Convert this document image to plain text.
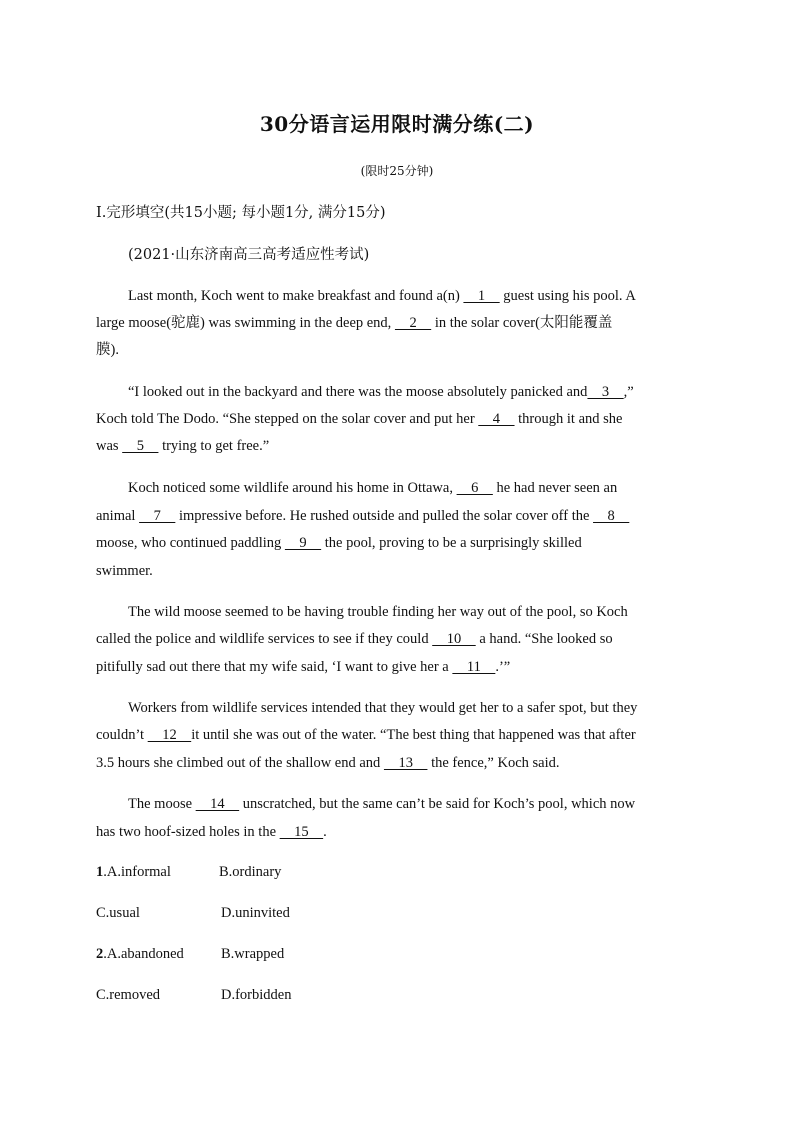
30分语言运用限时满分练(二)
(限时25分钟)
Ⅰ.完形填空(共15小题; 每小题1分, 满分15分)
(2021·山东济南高三高考适应性考试)
Last month, Koch went to make breakfast and found a(n)     1     guest using his pool. A
large moose(驼鹿) was swimming in the deep end,     2     in the solar cover(太阳能覆盖
膜).
“I looked out in the backyard and there was the moose absolutely panicked and    3    ,”
Koch told The Dodo. “She stepped on the solar cover and put her     4     through it and she
was     5     trying to get free.”
Koch noticed some wildlife around his home in Ottawa,     6     he had never seen an
animal     7     impressive before. He rushed outside and pulled the solar cover off the     8
moose, who continued paddling     9     the pool, proving to be a surprisingly skilled
swimmer.
The wild moose seemed to be having trouble finding her way out of the pool, so Koch
called the police and wildlife services to see if they could     10     a hand. “She looked so
pitifully sad out there that my wife said, ‘I want to give her a     11    .’”
Workers from wildlife services intended that they would get her to a safer spot, but they
couldn’t     12    it until she was out of the water. “The best thing that happened was that after
3.5 hours she climbed out of the shallow end and     13     the fence,” Koch said.
The moose     14     unscratched, but the same can’t be said for Koch’s pool, which now
has two hoof-sized holes in the     15    .
1.A.informal	B.ordinary
C.usual	D.uninvited
2.A.abandoned	B.wrapped
C.removed	D.forbidden
